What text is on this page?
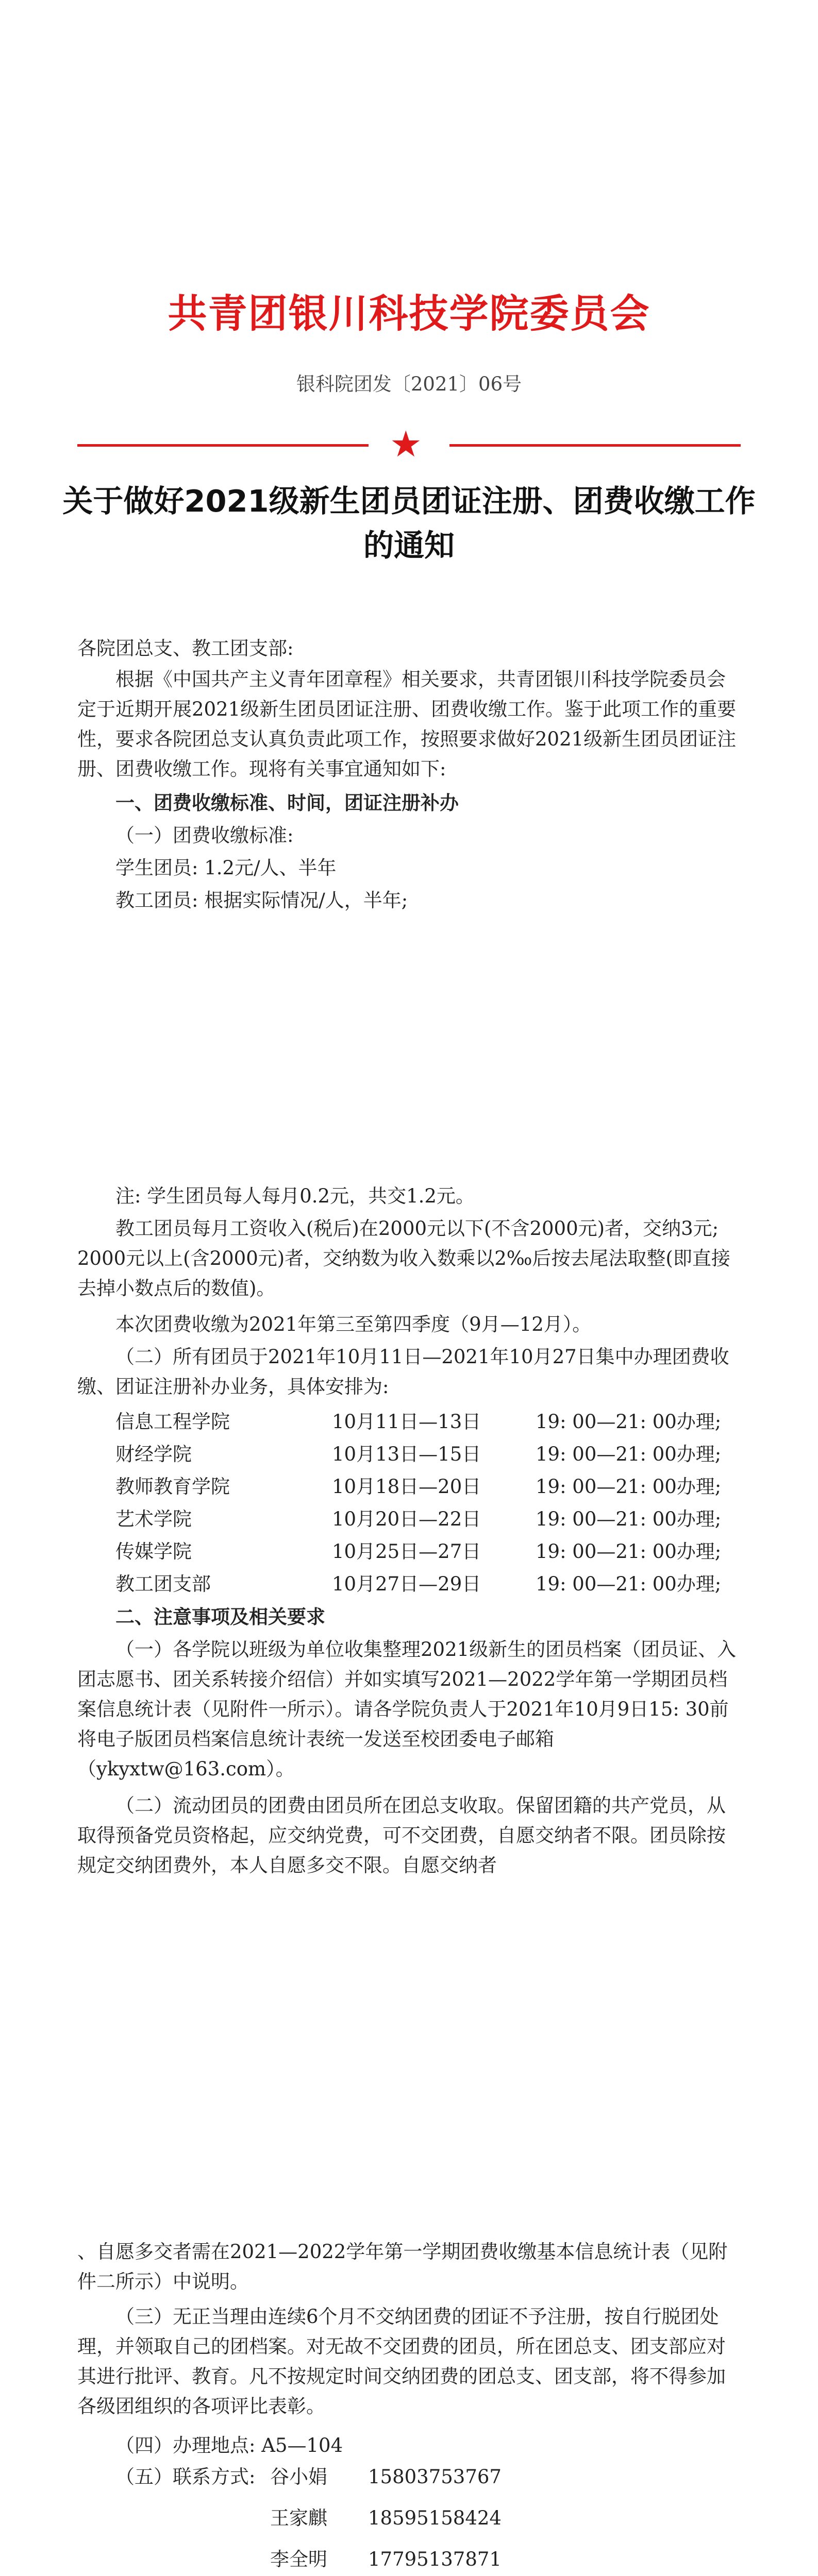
共青团银川科技学院委员会
银科院团发〔2021〕06号
★
关于做好2021级新生团员团证注册、团费收缴工作的通知
各院团总支、教工团支部:
根据《中国共产主义青年团章程》相关要求，共青团银川科技学院委员会定于近期开展2021级新生团员团证注册、团费收缴工作。鉴于此项工作的重要性，要求各院团总支认真负责此项工作，按照要求做好2021级新生团员团证注册、团费收缴工作。现将有关事宜通知如下:
一、团费收缴标准、时间，团证注册补办
（一）团费收缴标准:
学生团员: 1.2元/人、半年
教工团员: 根据实际情况/人，半年;
注: 学生团员每人每月0.2元，共交1.2元。
教工团员每月工资收入(税后)在2000元以下(不含2000元)者，交纳3元; 2000元以上(含2000元)者，交纳数为收入数乘以2‰后按去尾法取整(即直接去掉小数点后的数值)。
本次团费收缴为2021年第三至第四季度（9月—12月）。
（二）所有团员于2021年10月11日—2021年10月27日集中办理团费收缴、团证注册补办业务，具体安排为:
信息工程学院	10月11日—13日	19: 00—21: 00办理;
财经学院	10月13日—15日	19: 00—21: 00办理;
教师教育学院	10月18日—20日	19: 00—21: 00办理;
艺术学院	10月20日—22日	19: 00—21: 00办理;
传媒学院	10月25日—27日	19: 00—21: 00办理;
教工团支部	10月27日—29日	19: 00—21: 00办理;
二、注意事项及相关要求
（一）各学院以班级为单位收集整理2021级新生的团员档案（团员证、入团志愿书、团关系转接介绍信）并如实填写2021—2022学年第一学期团员档案信息统计表（见附件一所示）。请各学院负责人于2021年10月9日15: 30前将电子版团员档案信息统计表统一发送至校团委电子邮箱（ykyxtw@163.com）。
（二）流动团员的团费由团员所在团总支收取。保留团籍的共产党员，从取得预备党员资格起，应交纳党费，可不交团费，自愿交纳者不限。团员除按规定交纳团费外，本人自愿多交不限。自愿交纳者
、自愿多交者需在2021—2022学年第一学期团费收缴基本信息统计表（见附件二所示）中说明。
（三）无正当理由连续6个月不交纳团费的团证不予注册，按自行脱团处理，并领取自己的团档案。对无故不交团费的团员，所在团总支、团支部应对其进行批评、教育。凡不按规定时间交纳团费的团总支、团支部，将不得参加各级团组织的各项评比表彰。
（四）办理地点: A5—104
（五）联系方式: 谷小娟	15803753767
王家麒	18595158424
李全明	17795137871
